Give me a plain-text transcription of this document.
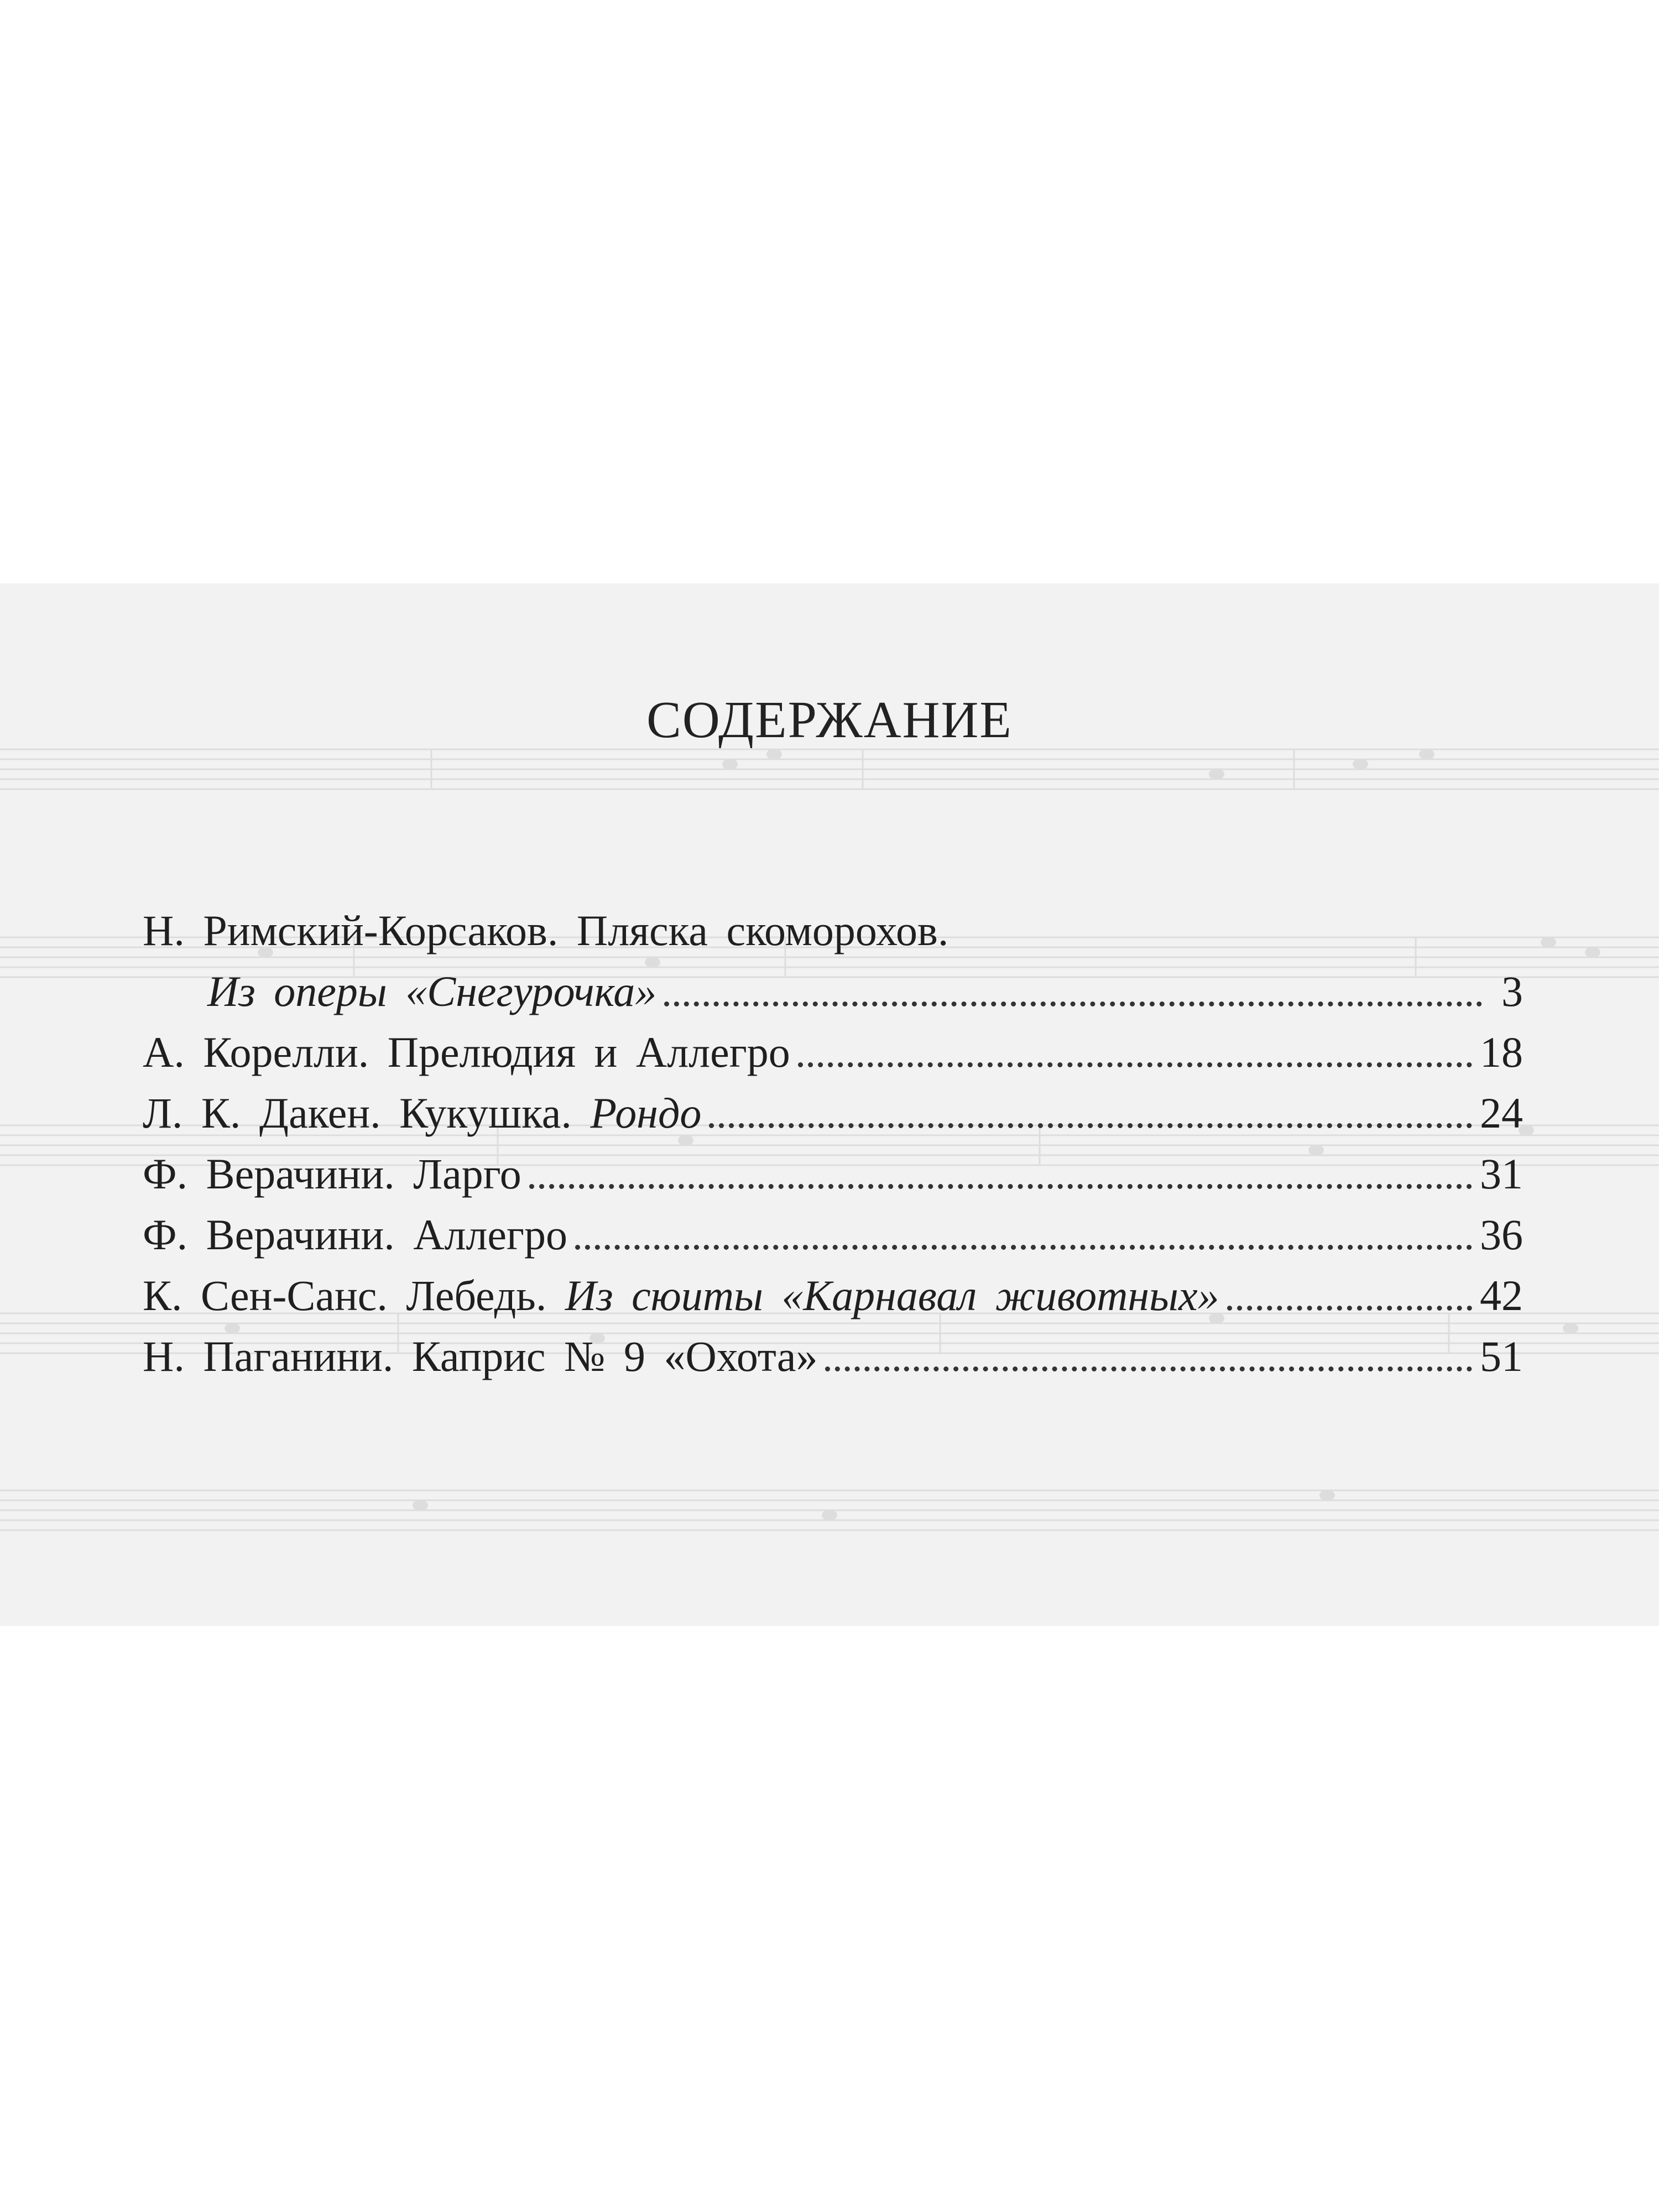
СОДЕРЖАНИЕ
Н. Римский-Корсаков. Пляска скоморохов.
Из оперы «Снегурочка»	3
А. Корелли. Прелюдия и Аллегро	18
Л. К. Дакен. Кукушка. Рондо	24
Ф. Верачини. Ларго	31
Ф. Верачини. Аллегро	36
К. Сен-Санс. Лебедь. Из сюиты «Карнавал животных»	42
Н. Паганини. Каприс № 9 «Охота»	51
